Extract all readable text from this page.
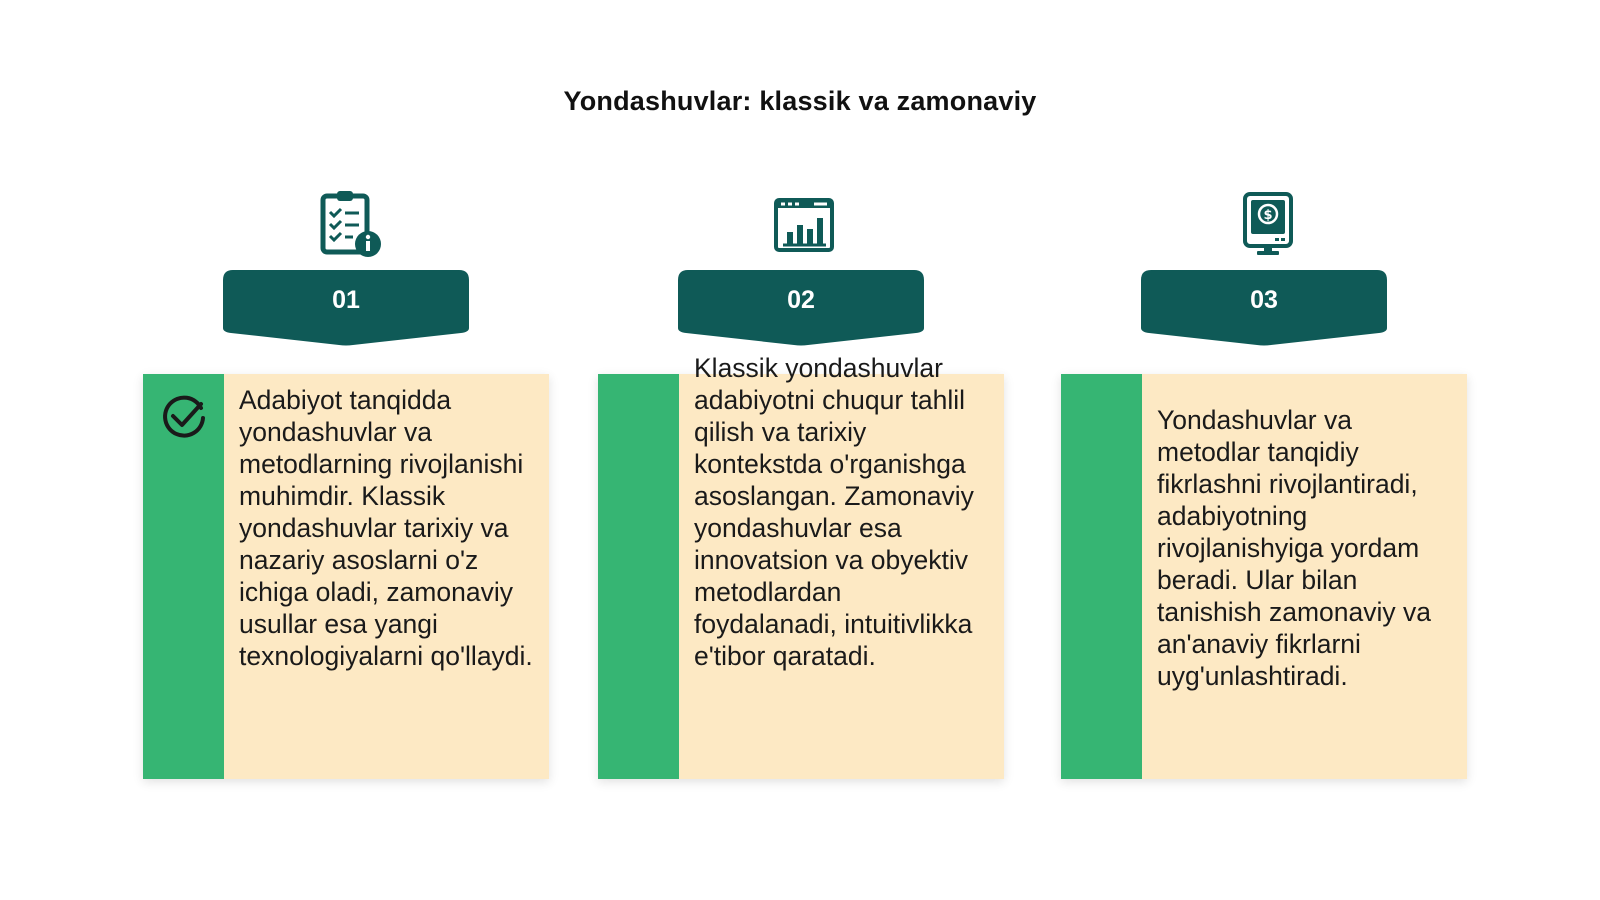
Yondashuvlar: klassik va zamonaviy
01
Adabiyot tanqidda yondashuvlar va metodlarning rivojlanishi muhimdir. Klassik yondashuvlar tarixiy va nazariy asoslarni o'z ichiga oladi, zamonaviy usullar esa yangi texnologiyalarni qo'llaydi.
02
Klassik yondashuvlar adabiyotni chuqur tahlil qilish va tarixiy kontekstda o'rganishga asoslangan. Zamonaviy yondashuvlar esa innovatsion va obyektiv metodlardan foydalanadi, intuitivlikka e'tibor qaratadi.
$
03
Yondashuvlar va metodlar tanqidiy fikrlashni rivojlantiradi, adabiyotning rivojlanishyiga yordam beradi. Ular bilan tanishish zamonaviy va an'anaviy fikrlarni uyg'unlashtiradi.
